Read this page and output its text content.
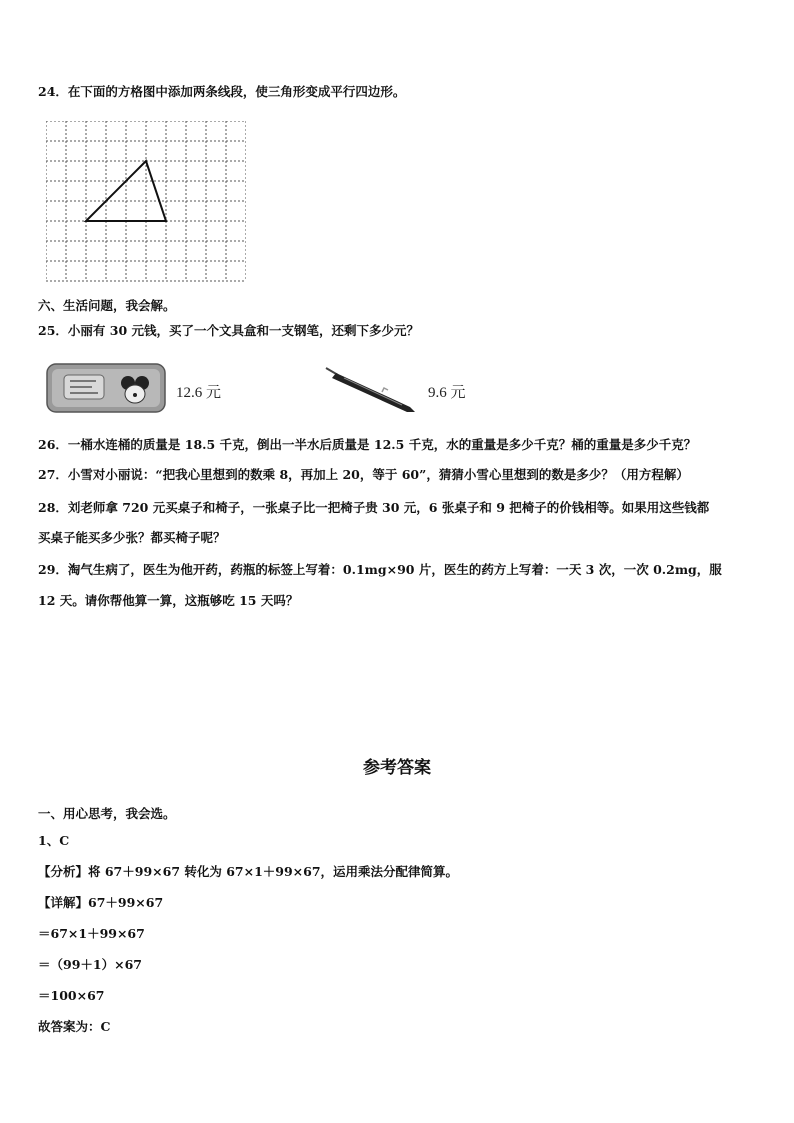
24．在下面的方格图中添加两条线段，使三角形变成平行四边形。
六、生活问题，我会解。
25．小丽有 30 元钱，买了一个文具盒和一支钢笔，还剩下多少元？
12.6 元	9.6 元
26．一桶水连桶的质量是 18.5 千克，倒出一半水后质量是 12.5 千克，水的重量是多少千克？桶的重量是多少千克？
27．小雪对小丽说：“把我心里想到的数乘 8，再加上 20，等于 60”，猜猜小雪心里想到的数是多少？（用方程解）
28．刘老师拿 720 元买桌子和椅子，一张桌子比一把椅子贵 30 元，6 张桌子和 9 把椅子的价钱相等。如果用这些钱都
买桌子能买多少张？都买椅子呢？
29．淘气生病了，医生为他开药，药瓶的标签上写着：0.1mg×90 片，医生的药方上写着：一天 3 次，一次 0.2mg，服
12 天。请你帮他算一算，这瓶够吃 15 天吗？
参考答案
一、用心思考，我会选。
1、C
【分析】将 67＋99×67 转化为 67×1＋99×67，运用乘法分配律简算。
【详解】67＋99×67
＝67×1＋99×67
＝（99＋1）×67
＝100×67
故答案为：C
